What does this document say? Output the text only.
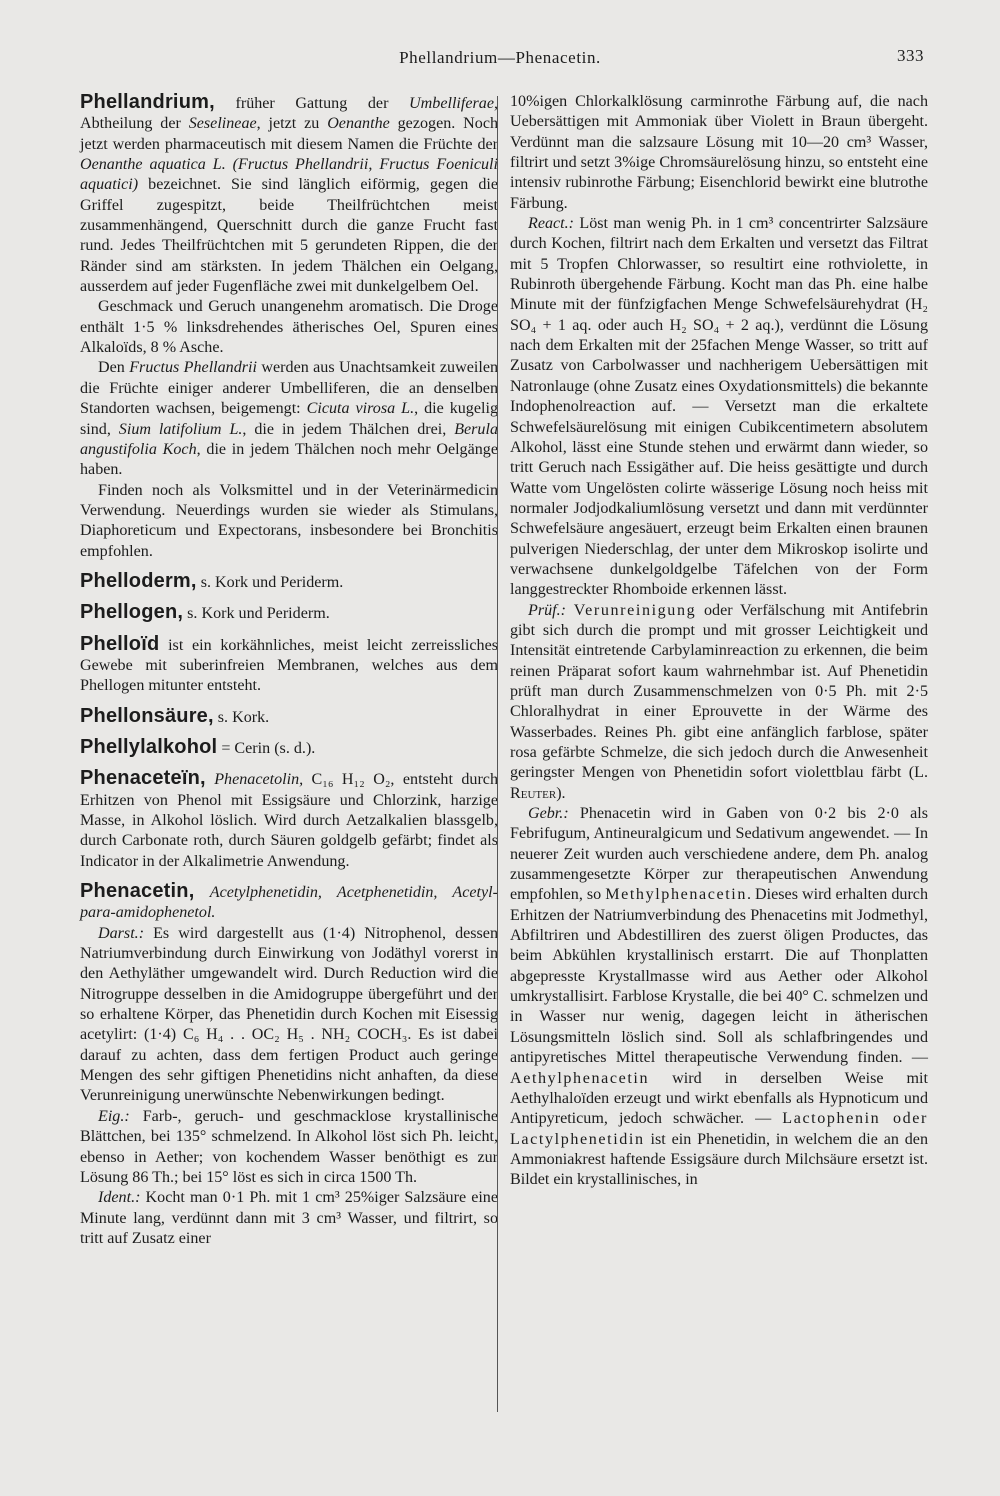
Phellandrium—Phenacetin.	333

Phellandrium, früher Gattung der Umbelliferae, Abtheilung der Seselineae, jetzt zu Oenanthe gezogen. Noch jetzt werden pharmaceutisch mit diesem Namen die Früchte der Oenanthe aquatica L. (Fructus Phellandrii, Fructus Foeniculi aquatici) bezeichnet. Sie sind länglich eiförmig, gegen die Griffel zugespitzt, beide Theilfrüchtchen meist zusammenhängend, Querschnitt durch die ganze Frucht fast rund. Jedes Theilfrüchtchen mit 5 gerundeten Rippen, die der Ränder sind am stärksten. In jedem Thälchen ein Oelgang, ausserdem auf jeder Fugenfläche zwei mit dunkelgelbem Oel.

Geschmack und Geruch unangenehm aromatisch. Die Droge enthält 1·5 % linksdrehendes ätherisches Oel, Spuren eines Alkaloïds, 8 % Asche.

Den Fructus Phellandrii werden aus Unachtsamkeit zuweilen die Früchte einiger anderer Umbelliferen, die an denselben Standorten wachsen, beigemengt: Cicuta virosa L., die kugelig sind, Sium latifolium L., die in jedem Thälchen drei, Berula angustifolia Koch, die in jedem Thälchen noch mehr Oelgänge haben.

Finden noch als Volksmittel und in der Veterinärmedicin Verwendung. Neuerdings wurden sie wieder als Stimulans, Diaphoreticum und Expectorans, insbesondere bei Bronchitis empfohlen.

Phelloderm, s. Kork und Periderm.

Phellogen, s. Kork und Periderm.

Phelloïd ist ein korkähnliches, meist leicht zerreissliches Gewebe mit suberinfreien Membranen, welches aus dem Phellogen mitunter entsteht.

Phellonsäure, s. Kork.

Phellylalkohol = Cerin (s. d.).

Phenaceteïn, Phenacetolin, C₁₆ H₁₂ O₂, entsteht durch Erhitzen von Phenol mit Essigsäure und Chlorzink, harzige Masse, in Alkohol löslich. Wird durch Aetzalkalien blassgelb, durch Carbonate roth, durch Säuren goldgelb gefärbt; findet als Indicator in der Alkalimetrie Anwendung.

Phenacetin, Acetylphenetidin, Acetphenetidin, Acetyl-para-amidophenetol.

Darst.: Es wird dargestellt aus (1·4) Nitrophenol, dessen Natriumverbindung durch Einwirkung von Jodäthyl vorerst in den Aethyläther umgewandelt wird. Durch Reduction wird die Nitrogruppe desselben in die Amidogruppe übergeführt und der so erhaltene Körper, das Phenetidin durch Kochen mit Eisessig acetylirt: (1·4) C₆ H₄ . . OC₂ H₅ . NH₂ COCH₃. Es ist dabei darauf zu achten, dass dem fertigen Product auch geringe Mengen des sehr giftigen Phenetidins nicht anhaften, da diese Verunreinigung unerwünschte Nebenwirkungen bedingt.

Eig.: Farb-, geruch- und geschmacklose krystallinische Blättchen, bei 135° schmelzend. In Alkohol löst sich Ph. leicht, ebenso in Aether; von kochendem Wasser benöthigt es zur Lösung 86 Th.; bei 15° löst es sich in circa 1500 Th.

Ident.: Kocht man 0·1 Ph. mit 1 cm³ 25%iger Salzsäure eine Minute lang, verdünnt dann mit 3 cm³ Wasser, und filtrirt, so tritt auf Zusatz einer

10%igen Chlorkalklösung carminrothe Färbung auf, die nach Uebersättigen mit Ammoniak über Violett in Braun übergeht. Verdünnt man die salzsaure Lösung mit 10—20 cm³ Wasser, filtrirt und setzt 3%ige Chromsäurelösung hinzu, so entsteht eine intensiv rubinrothe Färbung; Eisenchlorid bewirkt eine blutrothe Färbung.

React.: Löst man wenig Ph. in 1 cm³ concentrirter Salzsäure durch Kochen, filtrirt nach dem Erkalten und versetzt das Filtrat mit 5 Tropfen Chlorwasser, so resultirt eine rothviolette, in Rubinroth übergehende Färbung. Kocht man das Ph. eine halbe Minute mit der fünfzigfachen Menge Schwefelsäurehydrat (H₂ SO₄ + 1 aq. oder auch H₂ SO₄ + 2 aq.), verdünnt die Lösung nach dem Erkalten mit der 25fachen Menge Wasser, so tritt auf Zusatz von Carbolwasser und nachherigem Uebersättigen mit Natronlauge (ohne Zusatz eines Oxydationsmittels) die bekannte Indophenolreaction auf. — Versetzt man die erkaltete Schwefelsäurelösung mit einigen Cubikcentimetern absolutem Alkohol, lässt eine Stunde stehen und erwärmt dann wieder, so tritt Geruch nach Essigäther auf. Die heiss gesättigte und durch Watte vom Ungelösten colirte wässerige Lösung noch heiss mit normaler Jodjodkaliumlösung versetzt und dann mit verdünnter Schwefelsäure angesäuert, erzeugt beim Erkalten einen braunen pulverigen Niederschlag, der unter dem Mikroskop isolirte und verwachsene dunkelgoldgelbe Täfelchen von der Form langgestreckter Rhomboide erkennen lässt.

Prüf.: Verunreinigung oder Verfälschung mit Antifebrin gibt sich durch die prompt und mit grosser Leichtigkeit und Intensität eintretende Carbylaminreaction zu erkennen, die beim reinen Präparat sofort kaum wahrnehmbar ist. Auf Phenetidin prüft man durch Zusammenschmelzen von 0·5 Ph. mit 2·5 Chloralhydrat in einer Eprouvette in der Wärme des Wasserbades. Reines Ph. gibt eine anfänglich farblose, später rosa gefärbte Schmelze, die sich jedoch durch die Anwesenheit geringster Mengen von Phenetidin sofort violettblau färbt (L. Reuter).

Gebr.: Phenacetin wird in Gaben von 0·2 bis 2·0 als Febrifugum, Antineuralgicum und Sedativum angewendet. — In neuerer Zeit wurden auch verschiedene andere, dem Ph. analog zusammengesetzte Körper zur therapeutischen Anwendung empfohlen, so Methylphenacetin. Dieses wird erhalten durch Erhitzen der Natriumverbindung des Phenacetins mit Jodmethyl, Abfiltriren und Abdestilliren des zuerst öligen Productes, das beim Abkühlen krystallinisch erstarrt. Die auf Thonplatten abgepresste Krystallmasse wird aus Aether oder Alkohol umkrystallisirt. Farblose Krystalle, die bei 40° C. schmelzen und in Wasser nur wenig, dagegen leicht in ätherischen Lösungsmitteln löslich sind. Soll als schlafbringendes und antipyretisches Mittel therapeutische Verwendung finden. — Aethylphenacetin wird in derselben Weise mit Aethylhaloïden erzeugt und wirkt ebenfalls als Hypnoticum und Antipyreticum, jedoch schwächer. — Lactophenin oder Lactylphenetidin ist ein Phenetidin, in welchem die an den Ammoniakrest haftende Essigsäure durch Milchsäure ersetzt ist. Bildet ein krystallinisches, in
